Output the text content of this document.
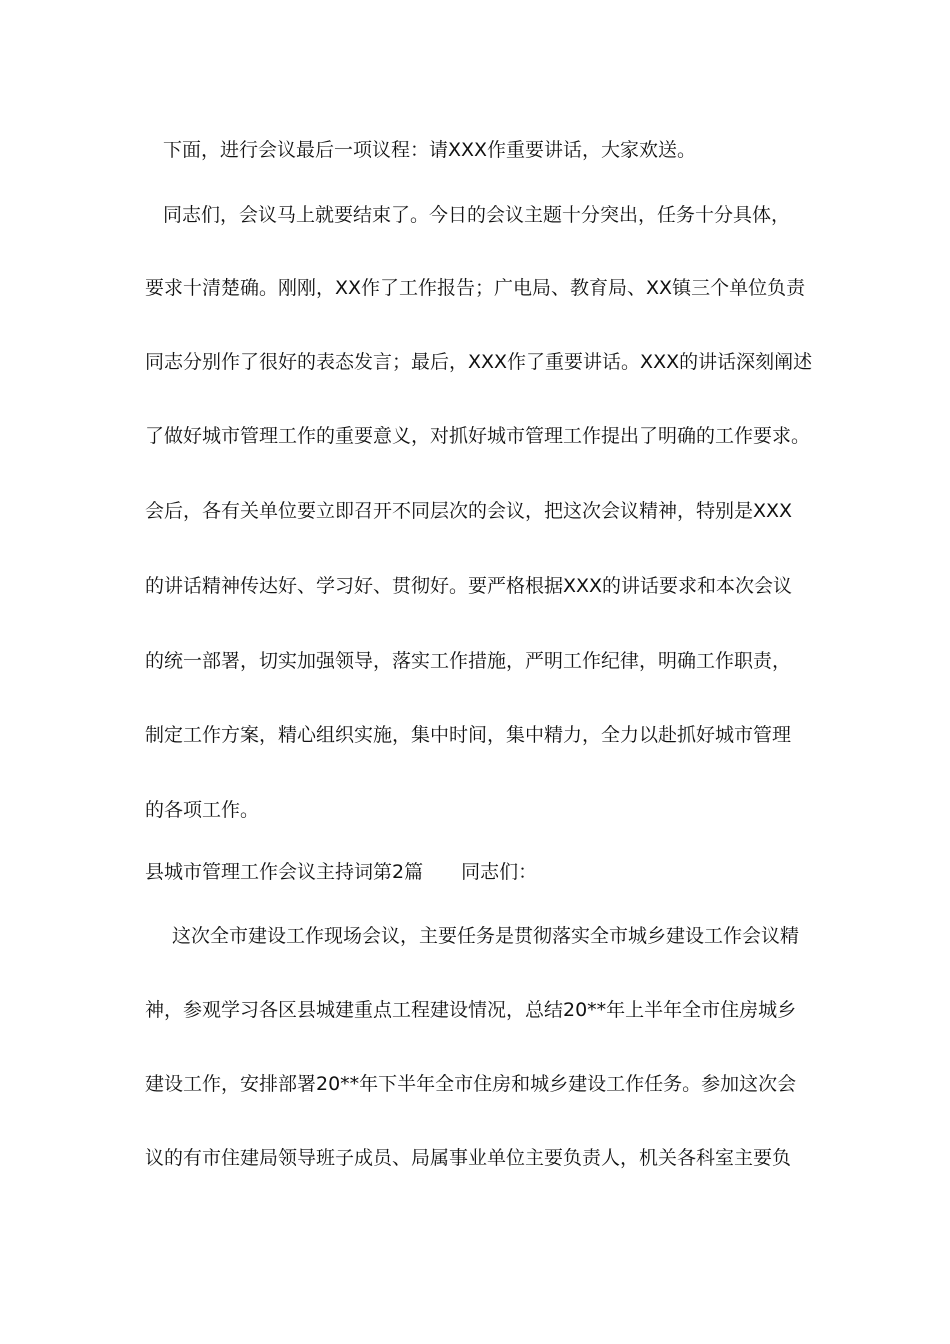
下面，进行会议最后一项议程：请XXX作重要讲话，大家欢送。
同志们，会议马上就要结束了。今日的会议主题十分突出，任务十分具体，
要求十清楚确。刚刚，XX作了工作报告；广电局、教育局、XX镇三个单位负责
同志分别作了很好的表态发言；最后，XXX作了重要讲话。XXX的讲话深刻阐述
了做好城市管理工作的重要意义，对抓好城市管理工作提出了明确的工作要求。
会后，各有关单位要立即召开不同层次的会议，把这次会议精神，特别是XXX
的讲话精神传达好、学习好、贯彻好。要严格根据XXX的讲话要求和本次会议
的统一部署，切实加强领导，落实工作措施，严明工作纪律，明确工作职责，
制定工作方案，精心组织实施，集中时间，集中精力，全力以赴抓好城市管理
的各项工作。
县城市管理工作会议主持词第2篇　　同志们：
这次全市建设工作现场会议，主要任务是贯彻落实全市城乡建设工作会议精
神，参观学习各区县城建重点工程建设情况，总结20**年上半年全市住房城乡
建设工作，安排部署20**年下半年全市住房和城乡建设工作任务。参加这次会
议的有市住建局领导班子成员、局属事业单位主要负责人，机关各科室主要负
